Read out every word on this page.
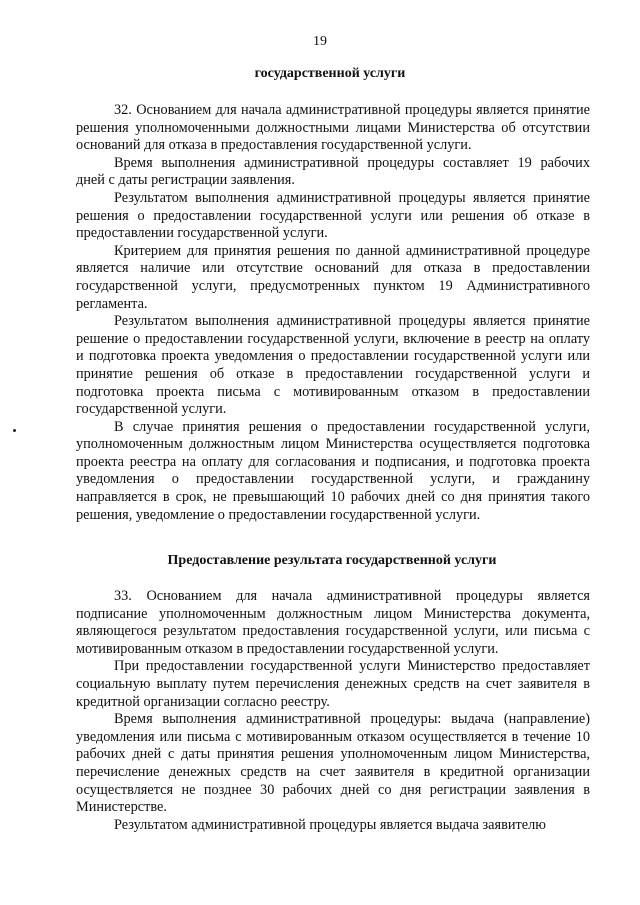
19
государственной услуги

32. Основанием для начала административной процедуры является принятие решения уполномоченными должностными лицами Министерства об отсутствии оснований для отказа в предоставления государственной услуги.

Время выполнения административной процедуры составляет 19 рабочих дней с даты регистрации заявления.

Результатом выполнения административной процедуры является принятие решения о предоставлении государственной услуги или решения об отказе в предоставлении государственной услуги.

Критерием для принятия решения по данной административной процедуре является наличие или отсутствие оснований для отказа в предоставлении государственной услуги, предусмотренных пунктом 19 Административного регламента.

Результатом выполнения административной процедуры является принятие решение о предоставлении государственной услуги, включение в реестр на оплату и подготовка проекта уведомления о предоставлении государственной услуги или принятие решения об отказе в предоставлении государственной услуги и подготовка проекта письма с мотивированным отказом в предоставлении государственной услуги.

В случае принятия решения о предоставлении государственной услуги, уполномоченным должностным лицом Министерства осуществляется подготовка проекта реестра на оплату для согласования и подписания, и подготовка проекта уведомления о предоставлении государственной услуги, и гражданину направляется в срок, не превышающий 10 рабочих дней со дня принятия такого решения, уведомление о предоставлении государственной услуги.

Предоставление результата государственной услуги

33. Основанием для начала административной процедуры является подписание уполномоченным должностным лицом Министерства документа, являющегося результатом предоставления государственной услуги, или письма с мотивированным отказом в предоставлении государственной услуги.

При предоставлении государственной услуги Министерство предоставляет социальную выплату путем перечисления денежных средств на счет заявителя в кредитной организации согласно реестру.

Время выполнения административной процедуры: выдача (направление) уведомления или письма с мотивированным отказом осуществляется в течение 10 рабочих дней с даты принятия решения уполномоченным лицом Министерства, перечисление денежных средств на счет заявителя в кредитной организации осуществляется не позднее 30 рабочих дней со дня регистрации заявления в Министерстве.

Результатом административной процедуры является выдача заявителю
